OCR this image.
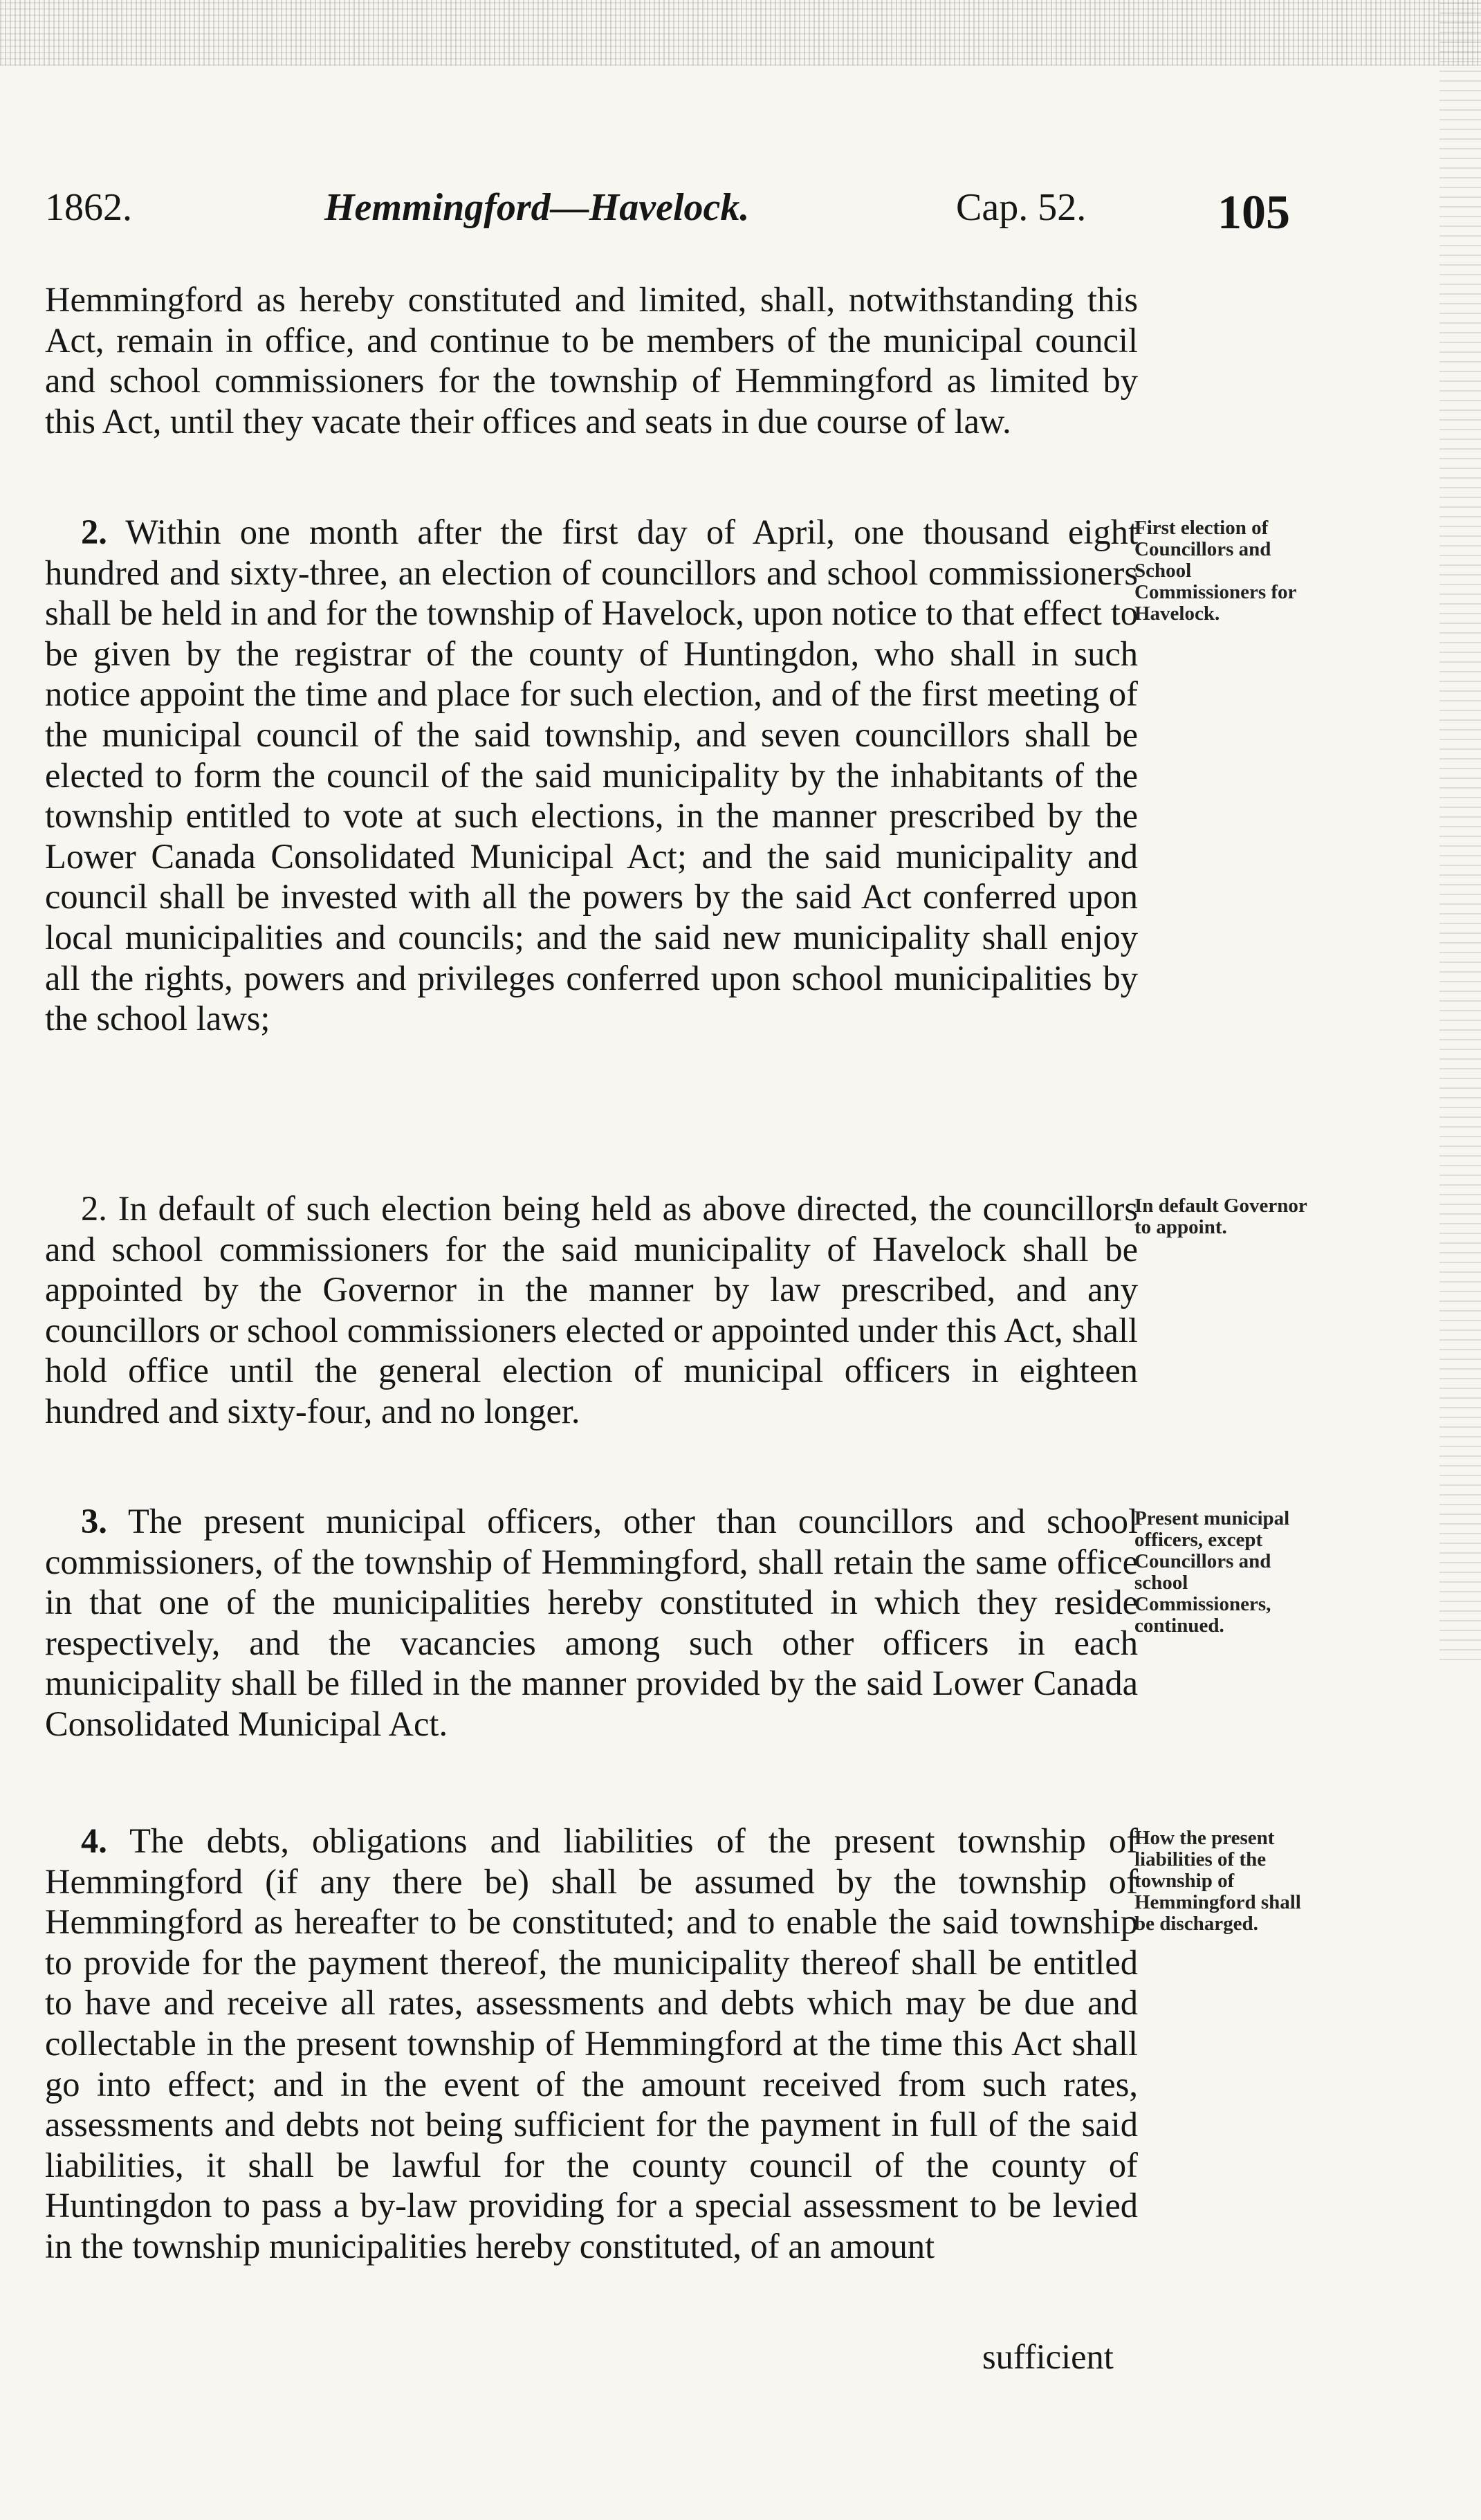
1862.	Hemmingford—Havelock.	Cap. 52.	105

Hemmingford as hereby constituted and limited, shall, notwithstanding this Act, remain in office, and continue to be members of the municipal council and school commissioners for the township of Hemmingford as limited by this Act, until they vacate their offices and seats in due course of law.

2. Within one month after the first day of April, one thousand eight hundred and sixty-three, an election of councillors and school commissioners shall be held in and for the township of Havelock, upon notice to that effect to be given by the registrar of the county of Huntingdon, who shall in such notice appoint the time and place for such election, and of the first meeting of the municipal council of the said township, and seven councillors shall be elected to form the council of the said municipality by the inhabitants of the township entitled to vote at such elections, in the manner prescribed by the Lower Canada Consolidated Municipal Act; and the said municipality and council shall be invested with all the powers by the said Act conferred upon local municipalities and councils; and the said new municipality shall enjoy all the rights, powers and privileges conferred upon school municipalities by the school laws;

2. In default of such election being held as above directed, the councillors and school commissioners for the said municipality of Havelock shall be appointed by the Governor in the manner by law prescribed, and any councillors or school commissioners elected or appointed under this Act, shall hold office until the general election of municipal officers in eighteen hundred and sixty-four, and no longer.

3. The present municipal officers, other than councillors and school commissioners, of the township of Hemmingford, shall retain the same office in that one of the municipalities hereby constituted in which they reside respectively, and the vacancies among such other officers in each municipality shall be filled in the manner provided by the said Lower Canada Consolidated Municipal Act.

4. The debts, obligations and liabilities of the present township of Hemmingford (if any there be) shall be assumed by the township of Hemmingford as hereafter to be constituted; and to enable the said township to provide for the payment thereof, the municipality thereof shall be entitled to have and receive all rates, assessments and debts which may be due and collectable in the present township of Hemmingford at the time this Act shall go into effect; and in the event of the amount received from such rates, assessments and debts not being sufficient for the payment in full of the said liabilities, it shall be lawful for the county council of the county of Huntingdon to pass a by-law providing for a special assessment to be levied in the township municipalities hereby constituted, of an amount

sufficient
First election of Councillors and School Commissioners for Havelock.
In default Governor to appoint.
Present municipal officers, except Councillors and school Commissioners, continued.
How the present liabilities of the township of Hemmingford shall be discharged.
